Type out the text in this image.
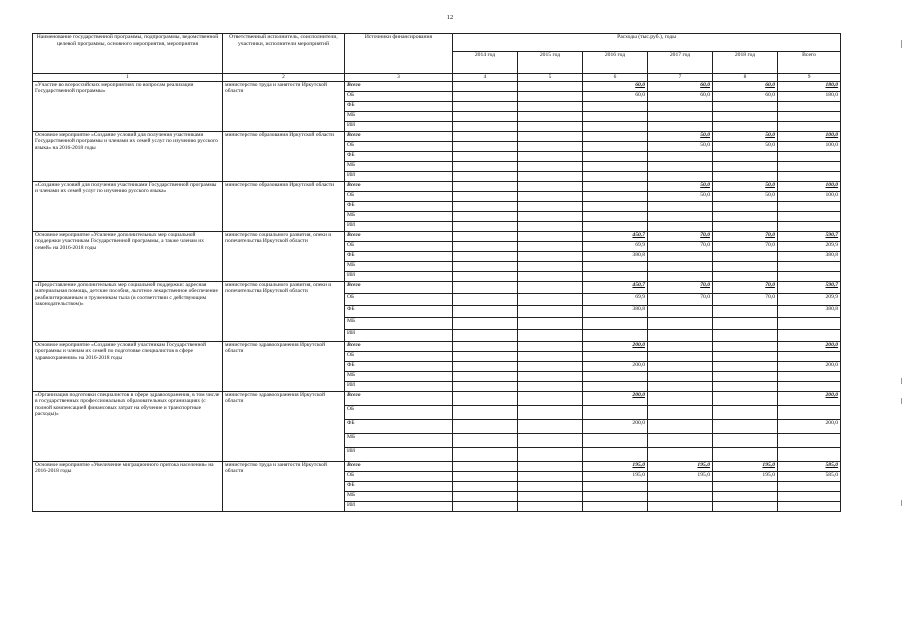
12
Наименование государственной программы, подпрограммы, ведомственной целевой программы, основного мероприятия, мероприятия	Ответственный исполнитель, соисполнители, участники, исполнители мероприятий	Источники финансирования	Расходы (тыс.руб.), годы					
			2014 год	2015 год	2016 год	2017 год	2018 год	Всего
1	2	3	4	5	6	7	8	9
«Участие во всероссийских мероприятиях по вопросам реализации Государственной программы»	министерство труда и занятости Иркутской области	Всего			60,0	60,0	60,0	180,0
		ОБ			60,0	60,0	60,0	180,0
		ФБ						
		МБ						
		ИИ						
Основное мероприятие «Создание условий для получения участниками Государственной программы и членами их семей услуг по изучению русского языка» на 2016-2018 годы	министерство образования Иркутской области	Всего				50,0	50,0	100,0
		ОБ				50,0	50,0	100,0
		ФБ						
		МБ						
		ИИ						
«Создание условий для получения участниками Государственной программы и членами их семей услуг по изучению русского языка»	министерство образования Иркутской области	Всего				50,0	50,0	100,0
		ОБ				50,0	50,0	100,0
		ФБ						
		МБ						
		ИИ						
Основное мероприятие «Усиление дополнительных мер социальной поддержки участникам Государственной программы, а также членам их семей» на 2016-2018 годы	министерство социального развития, опеки и попечительства Иркутской области	Всего			450,7	70,0	70,0	590,7
		ОБ			69,9	70,0	70,0	209,9
		ФБ			380,8			380,8
		МБ						
		ИИ						
«Предоставление дополнительных мер социальной поддержки: адресная материальная помощь, детские пособия, льготное лекарственное обеспечение реабилитированным и труженикам тыла (в соответствии с действующим законодательством)»	министерство социального развития, опеки и попечительства Иркутской области	Всего			450,7	70,0	70,0	590,7
		ОБ			69,9	70,0	70,0	209,9
		ФБ			380,8			380,8
		МБ						
		ИИ						
Основное мероприятие «Создание условий участникам Государственной программы и членам их семей по подготовке специалистов в сфере здравоохранения» на 2016-2018 годы	министерство здравоохранения Иркутской области	Всего			200,0			200,0
		ОБ						
		ФБ			200,0			200,0
		МБ						
		ИИ						
«Организация подготовки специалистов в сфере здравоохранения, в том числе в государственных профессиональных образовательных организациях (с полной компенсацией финансовых затрат на обучение и транспортные расходы)»	министерство здравоохранения Иркутской области	Всего			200,0			200,0
		ОБ						
		ФБ			200,0			200,0
		МБ						
		ИИ						
Основное мероприятие «Увеличение миграционного притока населения» на 2016-2018 годы	министерство труда и занятости Иркутской области	Всего			195,0	195,0	195,0	585,0
		ОБ			195,0	195,0	195,0	585,0
		ФБ						
		МБ						
		ИИ						
